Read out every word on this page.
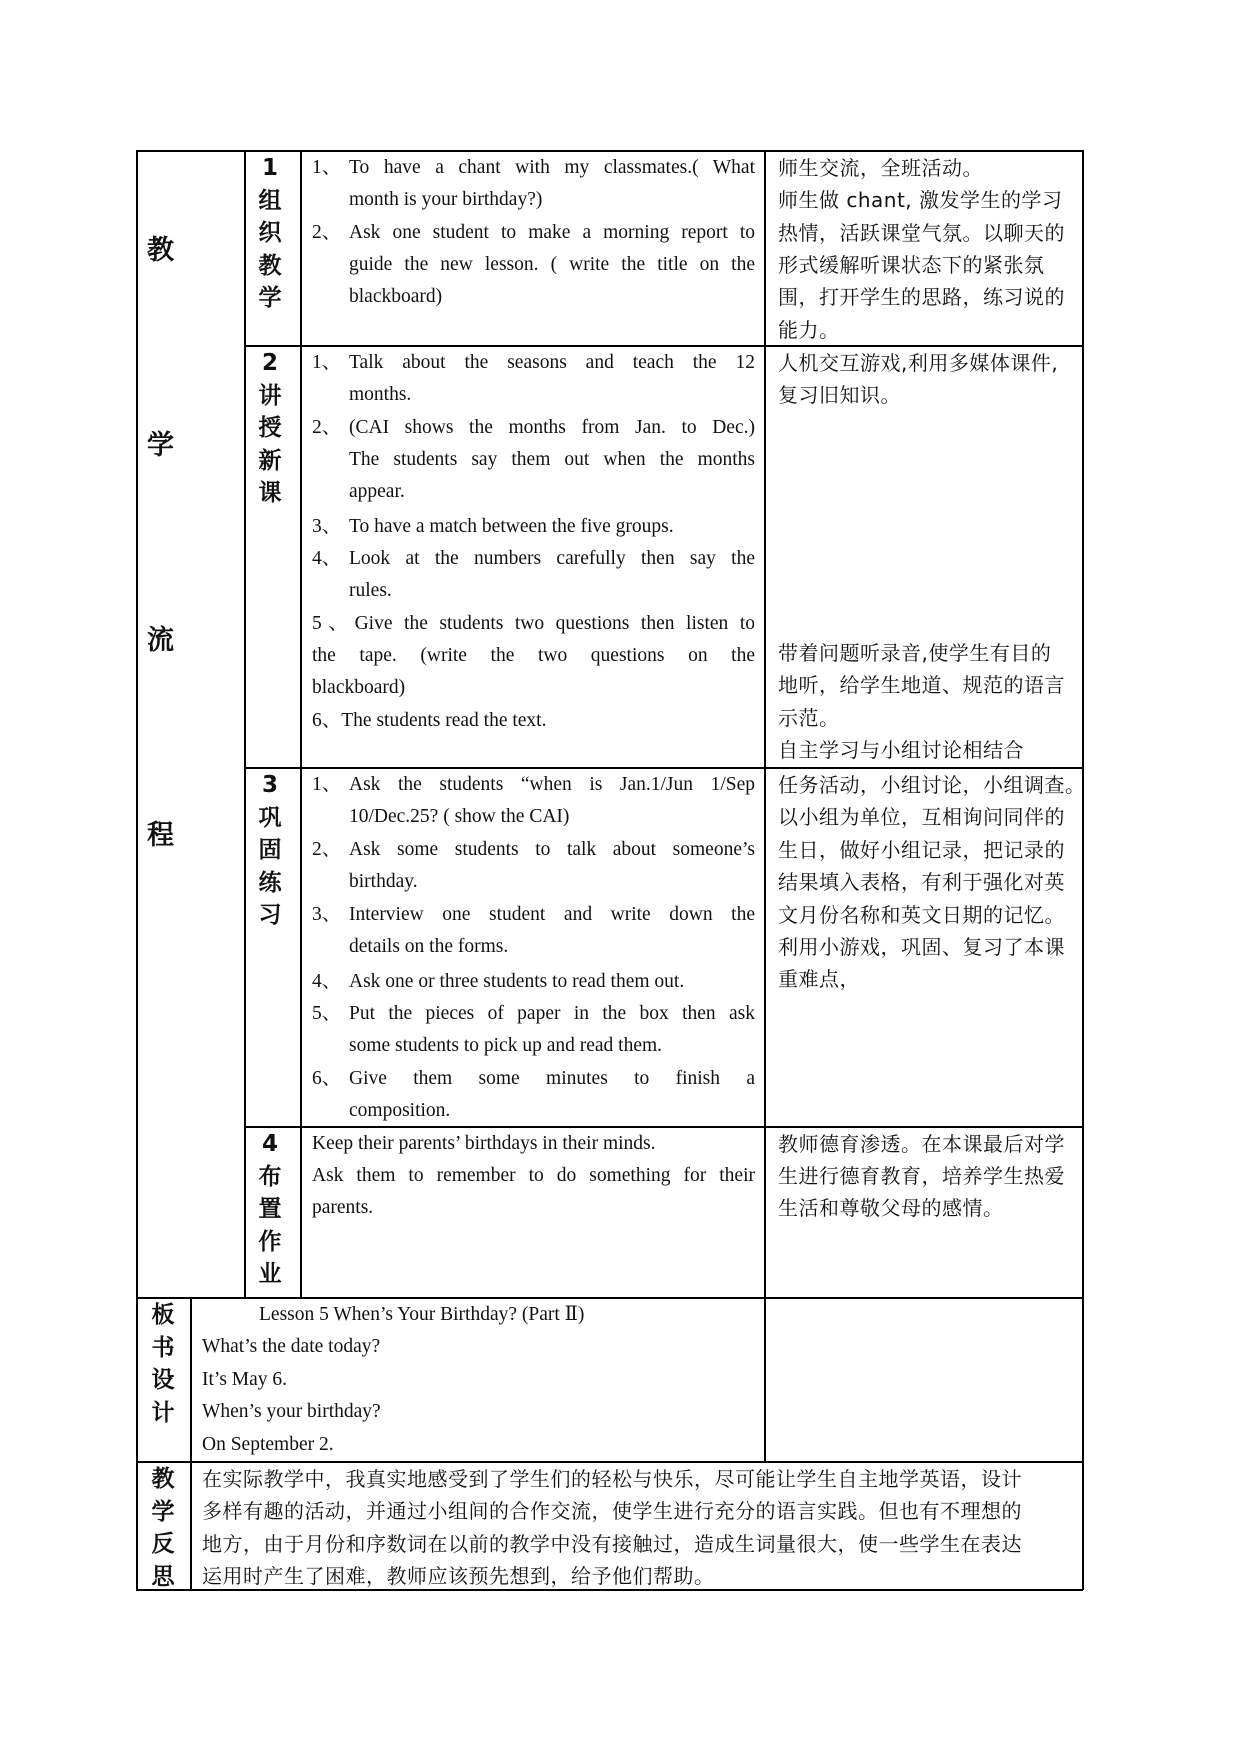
教
学
流
程
1
组
织
教
学
1、 To have a chant with my classmates.( What
month is your birthday?)
2、 Ask one student to make a morning report to
guide the new lesson. ( write the title on the
blackboard)
师生交流，全班活动。
师生做 chant, 激发学生的学习
热情，活跃课堂气氛。以聊天的
形式缓解听课状态下的紧张氛
围，打开学生的思路，练习说的
能力。
2
讲
授
新
课
1、 Talk about the seasons and teach the 12
months.
2、 (CAI shows the months from Jan. to Dec.)
The students say them out when the months
appear.
3、 To have a match between the five groups.
4、 Look at the numbers carefully then say the
rules.
5、Give the students two questions then listen to
the tape. (write the two questions on the
blackboard)
6、The students read the text.
人机交互游戏,利用多媒体课件,
复习旧知识。
带着问题听录音,使学生有目的
地听，给学生地道、规范的语言
示范。
自主学习与小组讨论相结合
3
巩
固
练
习
1、 Ask the students “when is Jan.1/Jun 1/Sep
10/Dec.25? ( show the CAI)
2、 Ask some students to talk about someone’s
birthday.
3、 Interview one student and write down the
details on the forms.
4、 Ask one or three students to read them out.
5、 Put the pieces of paper in the box then ask
some students to pick up and read them.
6、 Give them some minutes to finish a
composition.
任务活动，小组讨论，小组调查。
以小组为单位，互相询问同伴的
生日，做好小组记录，把记录的
结果填入表格，有利于强化对英
文月份名称和英文日期的记忆。
利用小游戏，巩固、复习了本课
重难点，
4
布
置
作
业
Keep their parents’ birthdays in their minds.
Ask them to remember to do something for their
parents.
教师德育渗透。在本课最后对学
生进行德育教育，培养学生热爱
生活和尊敬父母的感情。
板
书
设
计
Lesson 5 When’s Your Birthday? (Part Ⅱ)
What’s the date today?
It’s May 6.
When’s your birthday?
On September 2.
教
学
反
思
在实际教学中，我真实地感受到了学生们的轻松与快乐，尽可能让学生自主地学英语，设计
多样有趣的活动，并通过小组间的合作交流，使学生进行充分的语言实践。但也有不理想的
地方，由于月份和序数词在以前的教学中没有接触过，造成生词量很大，使一些学生在表达
运用时产生了困难，教师应该预先想到，给予他们帮助。
